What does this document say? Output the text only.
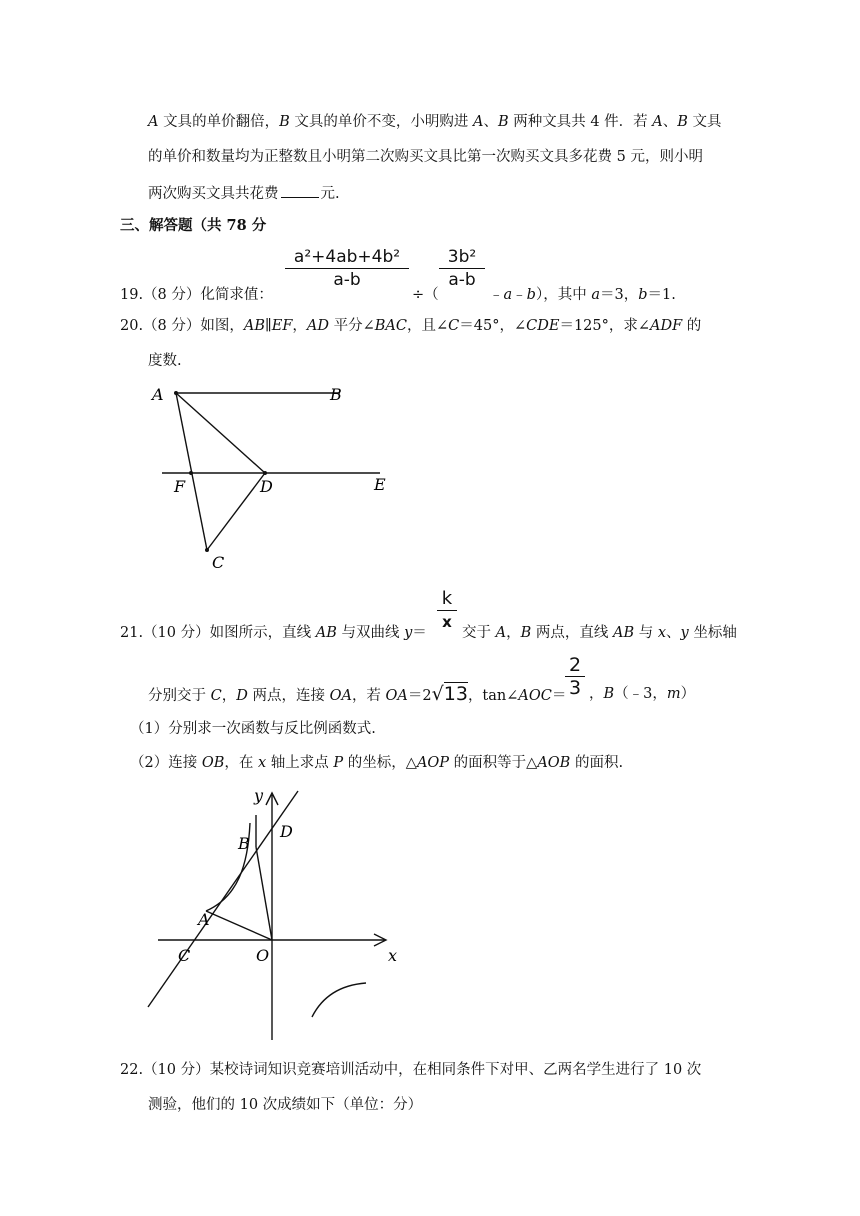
A 文具的单价翻倍，B 文具的单价不变，小明购进 A、B 两种文具共 4 件．若 A、B 文具
的单价和数量均为正整数且小明第二次购买文具比第一次购买文具多花费 5 元，则小明
两次购买文具共花费	元.
三、解答题（共 78 分
a²+4ab+4b²
a-b
3b²
a-b
19.（8 分）化简求值：	÷（	﹣a﹣b），其中 a＝3，b＝1.
20.（8 分）如图，AB∥EF，AD 平分∠BAC，且∠C＝45°，∠CDE＝125°，求∠ADF 的
度数.
A	B
F	D	E
C
k
x
21.（10 分）如图所示，直线 AB 与双曲线 y＝ 交于 A，B 两点，直线 AB 与 x、y 坐标轴
分别交于 C，D 两点，连接 OA，若 OA＝2√13，tan∠AOC＝
2
3 ，B（﹣3，m）
（1）分别求一次函数与反比例函数式.
（2）连接 OB，在 x 轴上求点 P 的坐标，△AOP 的面积等于△AOB 的面积.
y
x
B
D
A
C	O
22.（10 分）某校诗词知识竞赛培训活动中，在相同条件下对甲、乙两名学生进行了 10 次
测验，他们的 10 次成绩如下（单位：分）
